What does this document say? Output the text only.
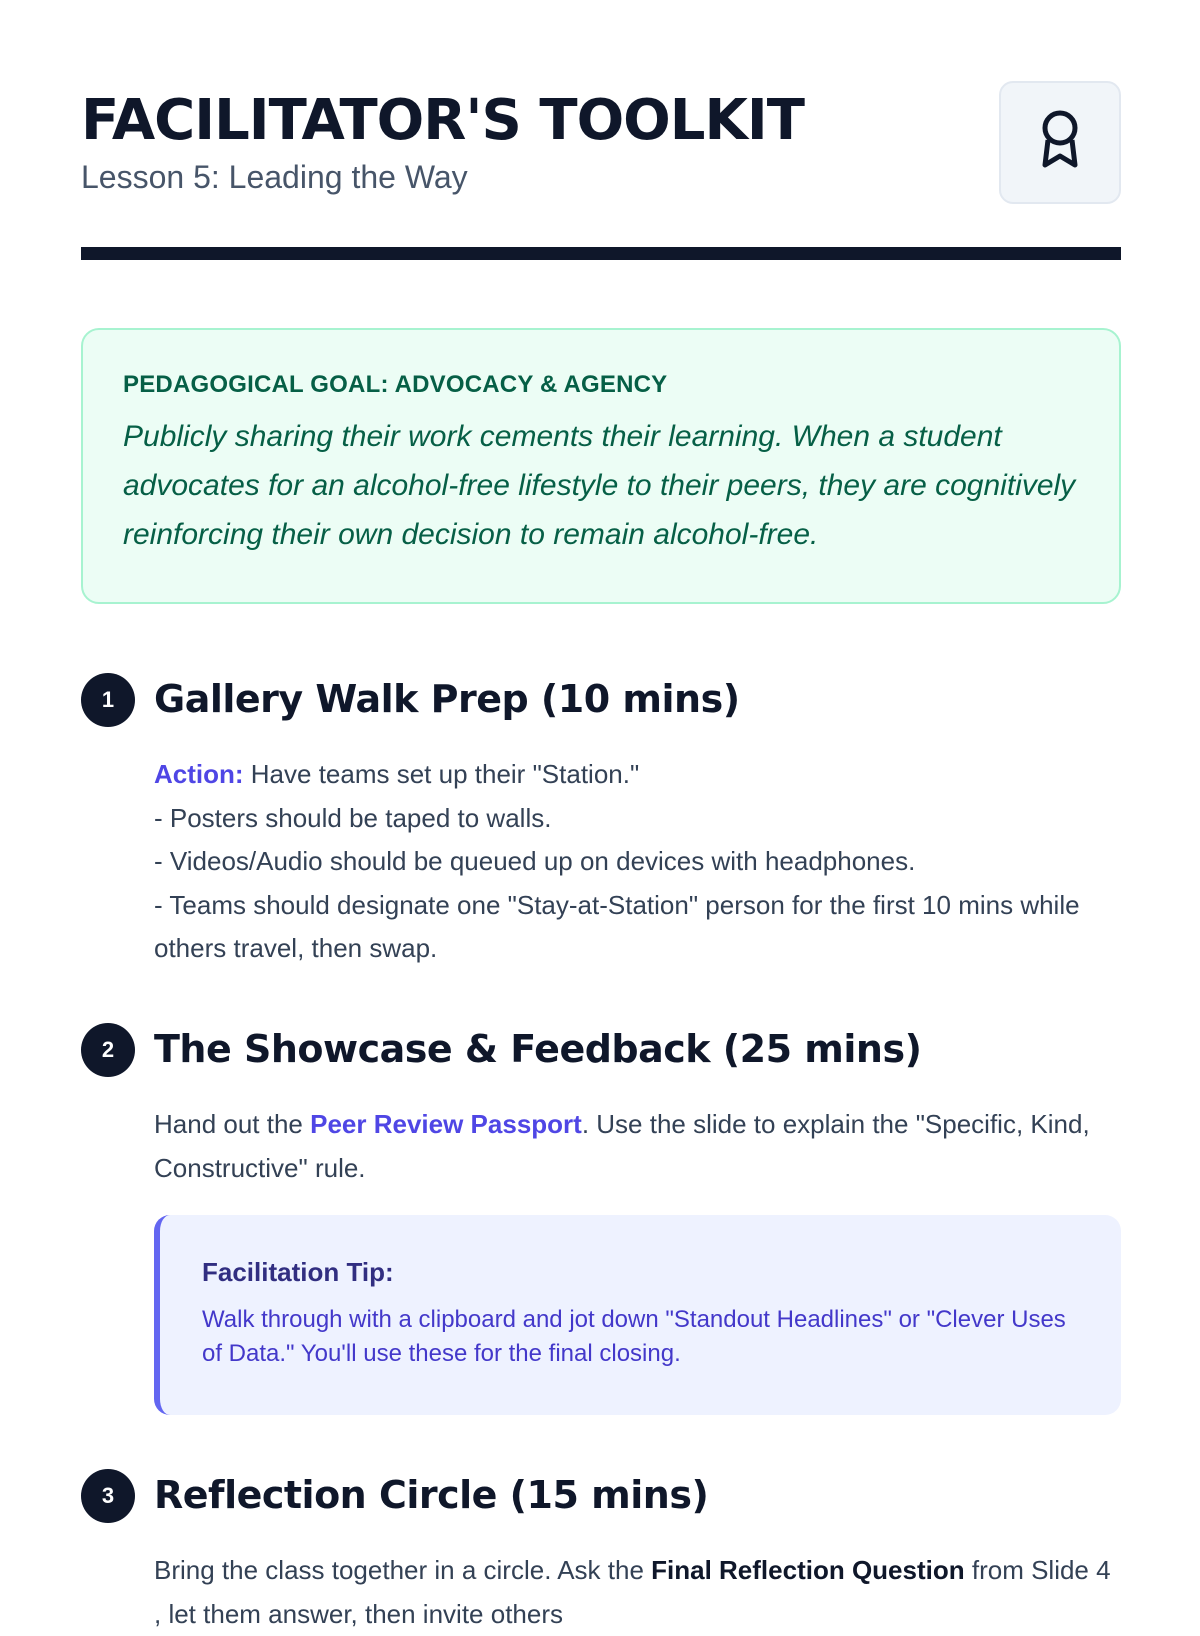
FACILITATOR'S TOOLKIT
Lesson 5: Leading the Way
PEDAGOGICAL GOAL: ADVOCACY & AGENCY
Publicly sharing their work cements their learning. When a student advocates for an alcohol-free lifestyle to their peers, they are cognitively reinforcing their own decision to remain alcohol-free.
1	Gallery Walk Prep (10 mins)
Action: Have teams set up their "Station."
- Posters should be taped to walls.
- Videos/Audio should be queued up on devices with headphones.
- Teams should designate one "Stay-at-Station" person for the first 10 mins while others travel, then swap.
2	The Showcase & Feedback (25 mins)
Hand out the Peer Review Passport. Use the slide to explain the "Specific, Kind, Constructive" rule.
Facilitation Tip:
Walk through with a clipboard and jot down "Standout Headlines" or "Clever Uses of Data." You'll use these for the final closing.
3	Reflection Circle (15 mins)
Bring the class together in a circle. Ask the Final Reflection Question from Slide 4 , let them answer, then invite others
